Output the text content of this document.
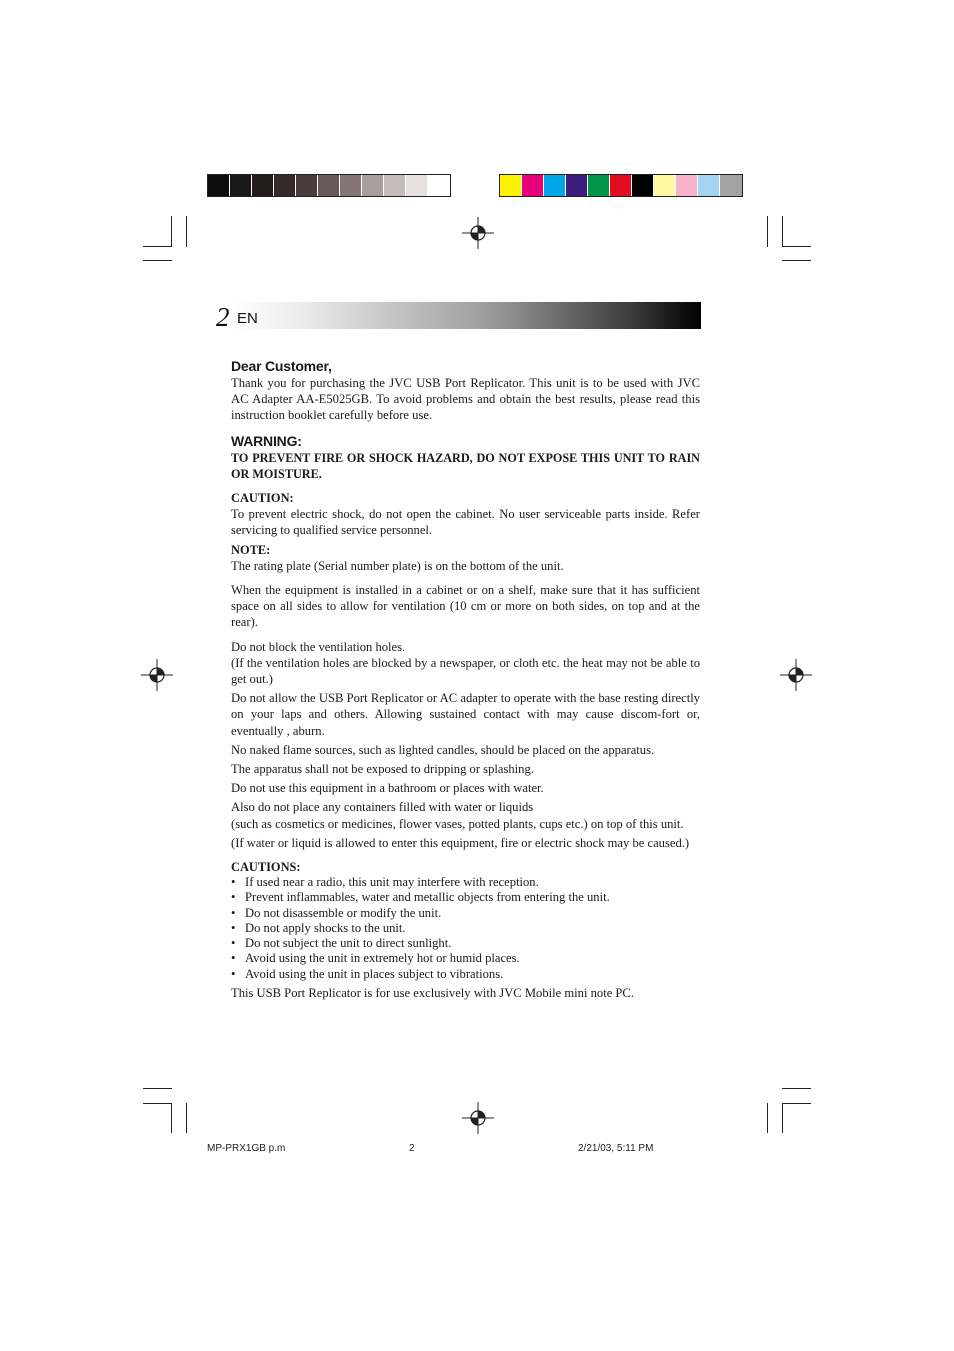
2 EN
Dear Customer,

Thank you for purchasing the JVC USB Port Replicator. This unit is to be used with JVC AC Adapter AA-E5025GB. To avoid problems and obtain the best results, please read this instruction booklet carefully before use.

WARNING:

TO PREVENT FIRE OR SHOCK HAZARD, DO NOT EXPOSE THIS UNIT TO RAIN OR MOISTURE.

CAUTION:

To prevent electric shock, do not open the cabinet. No user serviceable parts inside. Refer servicing to qualified service personnel.

NOTE:

The rating plate (Serial number plate) is on the bottom of the unit.

When the equipment is installed in a cabinet or on a shelf, make sure that it has sufficient space on all sides to allow for ventilation (10 cm or more on both sides, on top and at the rear).

Do not block the ventilation holes.

(If the ventilation holes are blocked by a newspaper, or cloth etc. the heat may not be able to get out.)

Do not allow the USB Port Replicator or AC adapter to operate with the base resting directly on your laps and others. Allowing sustained contact with may cause discom-fort or, eventually , aburn.

No naked flame sources, such as lighted candles, should be placed on the apparatus.

The apparatus shall not be exposed to dripping or splashing.

Do not use this equipment in a bathroom or places with water.

Also do not place any containers filled with water or liquids

(such as cosmetics or medicines, flower vases, potted plants, cups etc.) on top of this unit.

(If water or liquid is allowed to enter this equipment, fire or electric shock may be caused.)

CAUTIONS:

• If used near a radio, this unit may interfere with reception.
• Prevent inflammables, water and metallic objects from entering the unit.
• Do not disassemble or modify the unit.
• Do not apply shocks to the unit.
• Do not subject the unit to direct sunlight.
• Avoid using the unit in extremely hot or humid places.
• Avoid using the unit in places subject to vibrations.

This USB Port Replicator is for use exclusively with JVC Mobile mini note PC.

MP-PRX1GB p.m	2	2/21/03, 5:11 PM
